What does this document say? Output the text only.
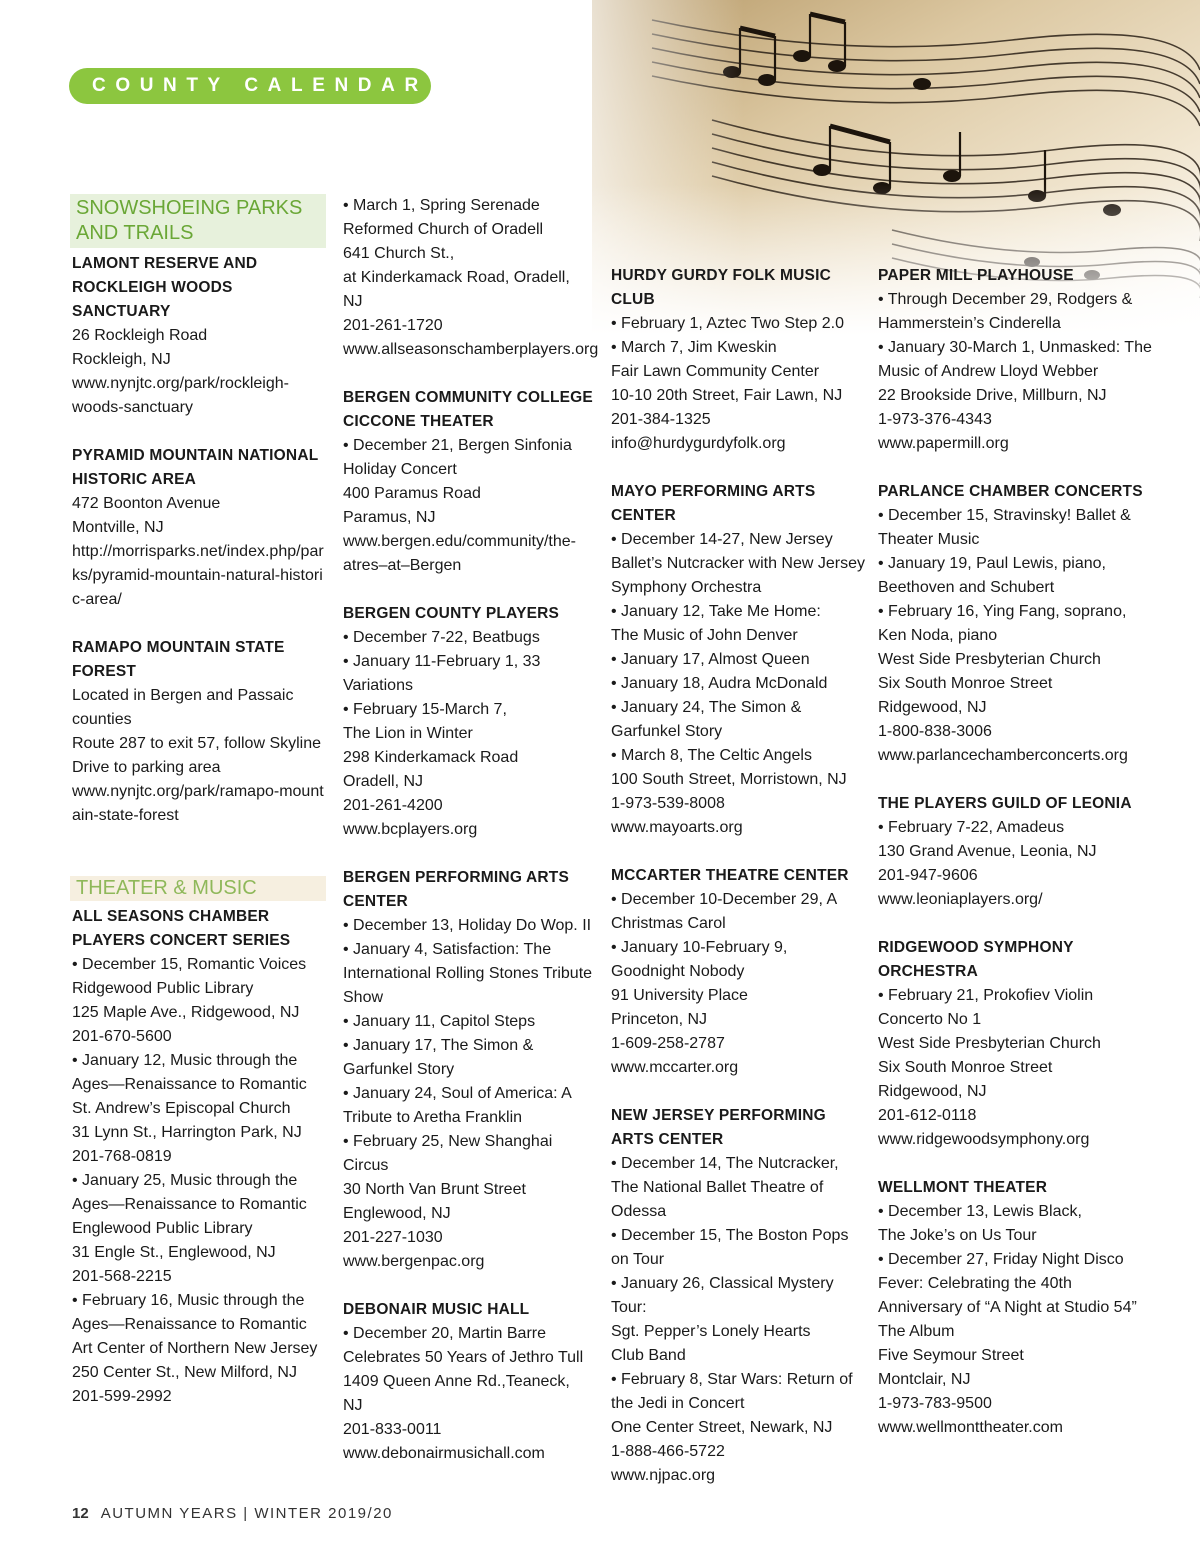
COUNTY CALENDAR
SNOWSHOEING PARKS AND TRAILS
LAMONT RESERVE AND ROCKLEIGH WOODS SANCTUARY
26 Rockleigh Road
Rockleigh, NJ
www.nynjtc.org/park/rockleigh-woods-sanctuary
PYRAMID MOUNTAIN NATIONAL HISTORIC AREA
472 Boonton Avenue
Montville, NJ
http://morrisparks.net/index.php/parks/pyramid-mountain-natural-historic-area/
RAMAPO MOUNTAIN STATE FOREST
Located in Bergen and Passaic counties
Route 287 to exit 57, follow Skyline Drive to parking area
www.nynjtc.org/park/ramapo-mountain-state-forest
THEATER & MUSIC
ALL SEASONS CHAMBER PLAYERS CONCERT SERIES
• December 15, Romantic Voices
Ridgewood Public Library
125 Maple Ave., Ridgewood, NJ
201-670-5600
• January 12, Music through the Ages—Renaissance to Romantic
St. Andrew’s Episcopal Church
31 Lynn St., Harrington Park, NJ
201-768-0819
• January 25, Music through the Ages—Renaissance to Romantic
Englewood Public Library
31 Engle St., Englewood, NJ
201-568-2215
• February 16, Music through the Ages—Renaissance to Romantic
Art Center of Northern New Jersey
250 Center St., New Milford, NJ
201-599-2992
• March 1, Spring Serenade
Reformed Church of Oradell
641 Church St.,
at Kinderkamack Road, Oradell, NJ
201-261-1720
www.allseasonschamberplayers.org
BERGEN COMMUNITY COLLEGE CICCONE THEATER
• December 21, Bergen Sinfonia Holiday Concert
400 Paramus Road
Paramus, NJ
www.bergen.edu/community/the-atres–at–Bergen
BERGEN COUNTY PLAYERS
• December 7-22, Beatbugs
• January 11-February 1, 33 Variations
• February 15-March 7,
The Lion in Winter
298 Kinderkamack Road
Oradell, NJ
201-261-4200
www.bcplayers.org
BERGEN PERFORMING ARTS CENTER
• December 13, Holiday Do Wop. II
• January 4, Satisfaction: The International Rolling Stones Tribute Show
• January 11, Capitol Steps
• January 17, The Simon & Garfunkel Story
• January 24, Soul of America: A Tribute to Aretha Franklin
• February 25, New Shanghai Circus
30 North Van Brunt Street
Englewood, NJ
201-227-1030
www.bergenpac.org
DEBONAIR MUSIC HALL
• December 20, Martin Barre Celebrates 50 Years of Jethro Tull
1409 Queen Anne Rd.,Teaneck, NJ
201-833-0011
www.debonairmusichall.com
HURDY GURDY FOLK MUSIC CLUB
• February 1, Aztec Two Step 2.0
• March 7, Jim Kweskin
Fair Lawn Community Center
10-10 20th Street, Fair Lawn, NJ
201-384-1325
info@hurdygurdyfolk.org
MAYO PERFORMING ARTS CENTER
• December 14-27, New Jersey Ballet’s Nutcracker with New Jersey Symphony Orchestra
• January 12, Take Me Home:
The Music of John Denver
• January 17, Almost Queen
• January 18, Audra McDonald
• January 24, The Simon & Garfunkel Story
• March 8, The Celtic Angels
100 South Street, Morristown, NJ
1-973-539-8008
www.mayoarts.org
MCCARTER THEATRE CENTER
• December 10-December 29, A Christmas Carol
• January 10-February 9,
Goodnight Nobody
91 University Place
Princeton, NJ
1-609-258-2787
www.mccarter.org
NEW JERSEY PERFORMING ARTS CENTER
• December 14, The Nutcracker,
The National Ballet Theatre of Odessa
• December 15, The Boston Pops
on Tour
• January 26, Classical Mystery Tour:
Sgt. Pepper’s Lonely Hearts
Club Band
• February 8, Star Wars: Return of the Jedi in Concert
One Center Street, Newark, NJ
1-888-466-5722
www.njpac.org
PAPER MILL PLAYHOUSE
• Through December 29, Rodgers & Hammerstein’s Cinderella
• January 30-March 1, Unmasked: The Music of Andrew Lloyd Webber
22 Brookside Drive, Millburn, NJ
1-973-376-4343
www.papermill.org
PARLANCE CHAMBER CONCERTS
• December 15, Stravinsky! Ballet & Theater Music
• January 19, Paul Lewis, piano, Beethoven and Schubert
• February 16, Ying Fang, soprano, Ken Noda, piano
West Side Presbyterian Church
Six South Monroe Street
Ridgewood, NJ
1-800-838-3006
www.parlancechamberconcerts.org
THE PLAYERS GUILD OF LEONIA
• February 7-22, Amadeus
130 Grand Avenue, Leonia, NJ
201-947-9606
www.leoniaplayers.org/
RIDGEWOOD SYMPHONY ORCHESTRA
• February 21, Prokofiev Violin Concerto No 1
West Side Presbyterian Church
Six South Monroe Street
Ridgewood, NJ
201-612-0118
www.ridgewoodsymphony.org
WELLMONT THEATER
• December 13, Lewis Black,
The Joke’s on Us Tour
• December 27, Friday Night Disco Fever: Celebrating the 40th Anniversary of “A Night at Studio 54” The Album
Five Seymour Street
Montclair, NJ
1-973-783-9500
www.wellmonttheater.com
12 AUTUMN YEARS | WINTER 2019/20
